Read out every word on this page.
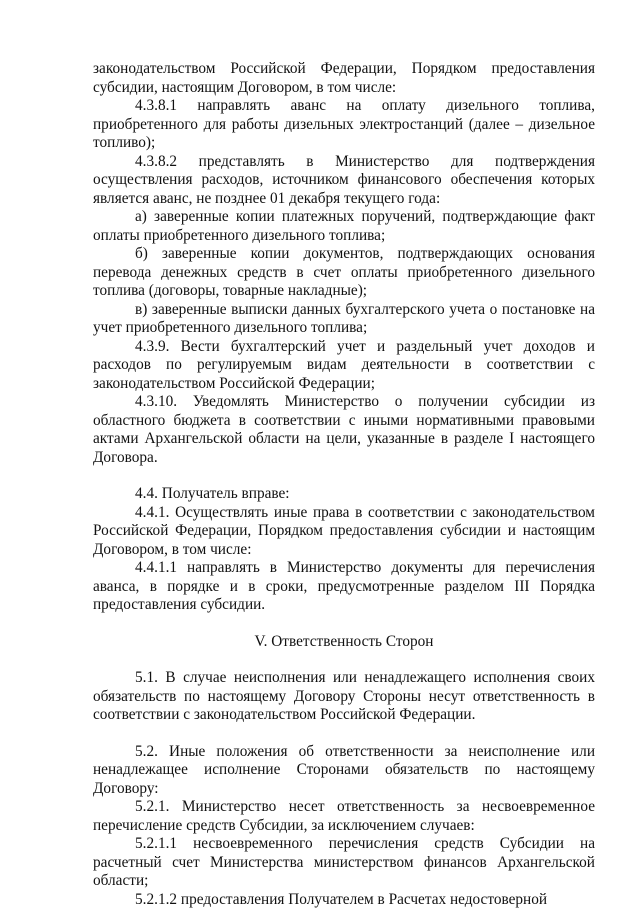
законодательством Российской Федерации, Порядком предоставления субсидии, настоящим Договором, в том числе:

4.3.8.1 направлять аванс на оплату дизельного топлива, приобретенного для работы дизельных электростанций (далее – дизельное топливо);

4.3.8.2 представлять в Министерство для подтверждения осуществления расходов, источником финансового обеспечения которых является аванс, не позднее 01 декабря текущего года:

а) заверенные копии платежных поручений, подтверждающие факт оплаты приобретенного дизельного топлива;

б) заверенные копии документов, подтверждающих основания перевода денежных средств в счет оплаты приобретенного дизельного топлива (договоры, товарные накладные);

в) заверенные выписки данных бухгалтерского учета о постановке на учет приобретенного дизельного топлива;

4.3.9. Вести бухгалтерский учет и раздельный учет доходов и расходов по регулируемым видам деятельности в соответствии с законодательством Российской Федерации;

4.3.10. Уведомлять Министерство о получении субсидии из областного бюджета в соответствии с иными нормативными правовыми актами Архангельской области на цели, указанные в разделе I настоящего Договора.

4.4. Получатель вправе:

4.4.1. Осуществлять иные права в соответствии с законодательством Российской Федерации, Порядком предоставления субсидии и настоящим Договором, в том числе:

4.4.1.1 направлять в Министерство документы для перечисления аванса, в порядке и в сроки, предусмотренные разделом III Порядка предоставления субсидии.

V. Ответственность Сторон

5.1. В случае неисполнения или ненадлежащего исполнения своих обязательств по настоящему Договору Стороны несут ответственность в соответствии с законодательством Российской Федерации.

5.2. Иные положения об ответственности за неисполнение или ненадлежащее исполнение Сторонами обязательств по настоящему Договору:

5.2.1. Министерство несет ответственность за несвоевременное перечисление средств Субсидии, за исключением случаев:

5.2.1.1 несвоевременного перечисления средств Субсидии на расчетный счет Министерства министерством финансов Архангельской области;

5.2.1.2 предоставления Получателем в Расчетах недостоверной
